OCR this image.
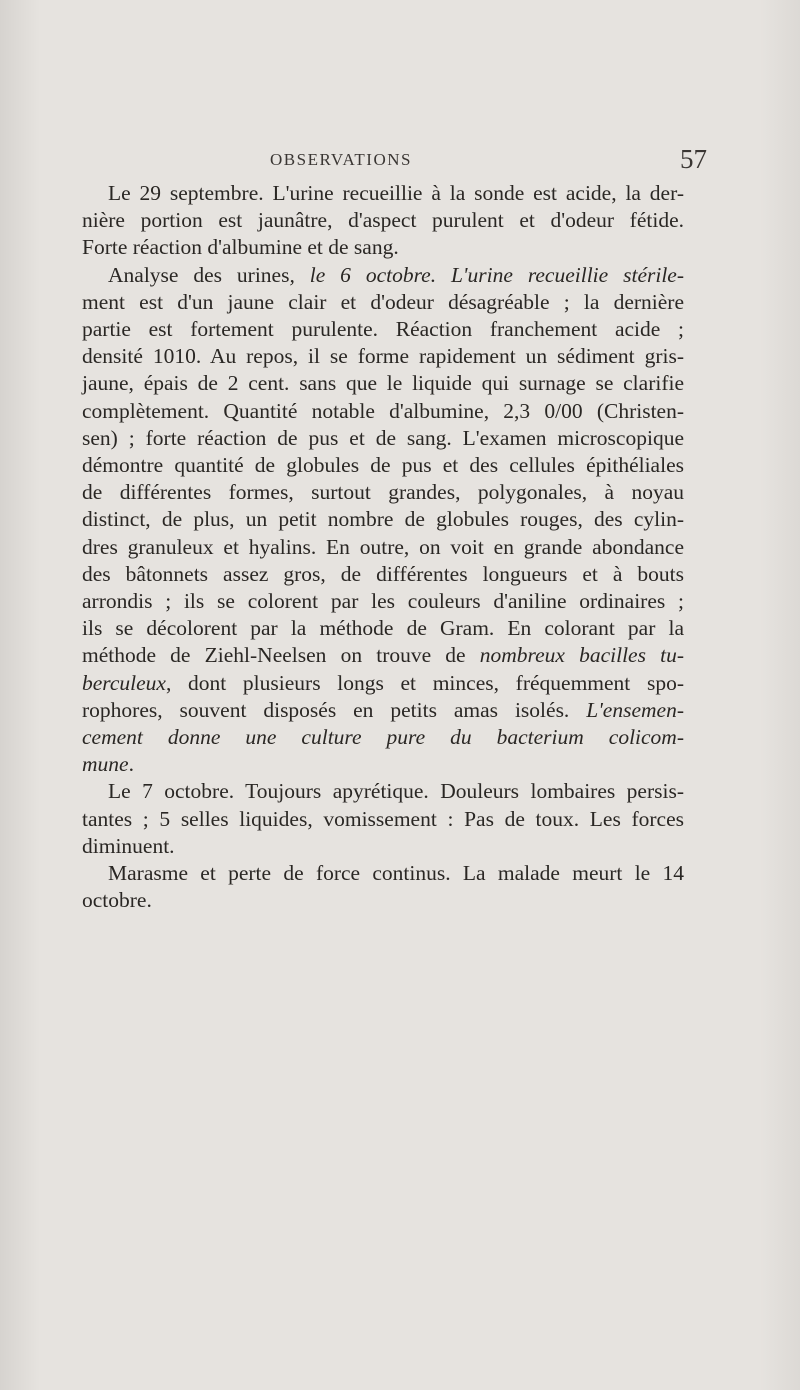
OBSERVATIONS	57

Le 29 septembre. L'urine recueillie à la sonde est acide, la der-
nière portion est jaunâtre, d'aspect purulent et d'odeur fétide.
Forte réaction d'albumine et de sang.

Analyse des urines, le 6 octobre. L'urine recueillie stérile-
ment est d'un jaune clair et d'odeur désagréable ; la dernière
partie est fortement purulente. Réaction franchement acide ;
densité 1010. Au repos, il se forme rapidement un sédiment gris-
jaune, épais de 2 cent. sans que le liquide qui surnage se clarifie
complètement. Quantité notable d'albumine, 2,3 0/00 (Christen-
sen) ; forte réaction de pus et de sang. L'examen microscopique
démontre quantité de globules de pus et des cellules épithéliales
de différentes formes, surtout grandes, polygonales, à noyau
distinct, de plus, un petit nombre de globules rouges, des cylin-
dres granuleux et hyalins. En outre, on voit en grande abondance
des bâtonnets assez gros, de différentes longueurs et à bouts
arrondis ; ils se colorent par les couleurs d'aniline ordinaires ;
ils se décolorent par la méthode de Gram. En colorant par la
méthode de Ziehl-Neelsen on trouve de nombreux bacilles tu-
berculeux, dont plusieurs longs et minces, fréquemment spo-
rophores, souvent disposés en petits amas isolés. L'ensemen-
cement donne une culture pure du bacterium colicom-
mune.

Le 7 octobre. Toujours apyrétique. Douleurs lombaires persis-
tantes ; 5 selles liquides, vomissement : Pas de toux. Les forces
diminuent.

Marasme et perte de force continus. La malade meurt le 14
octobre.
